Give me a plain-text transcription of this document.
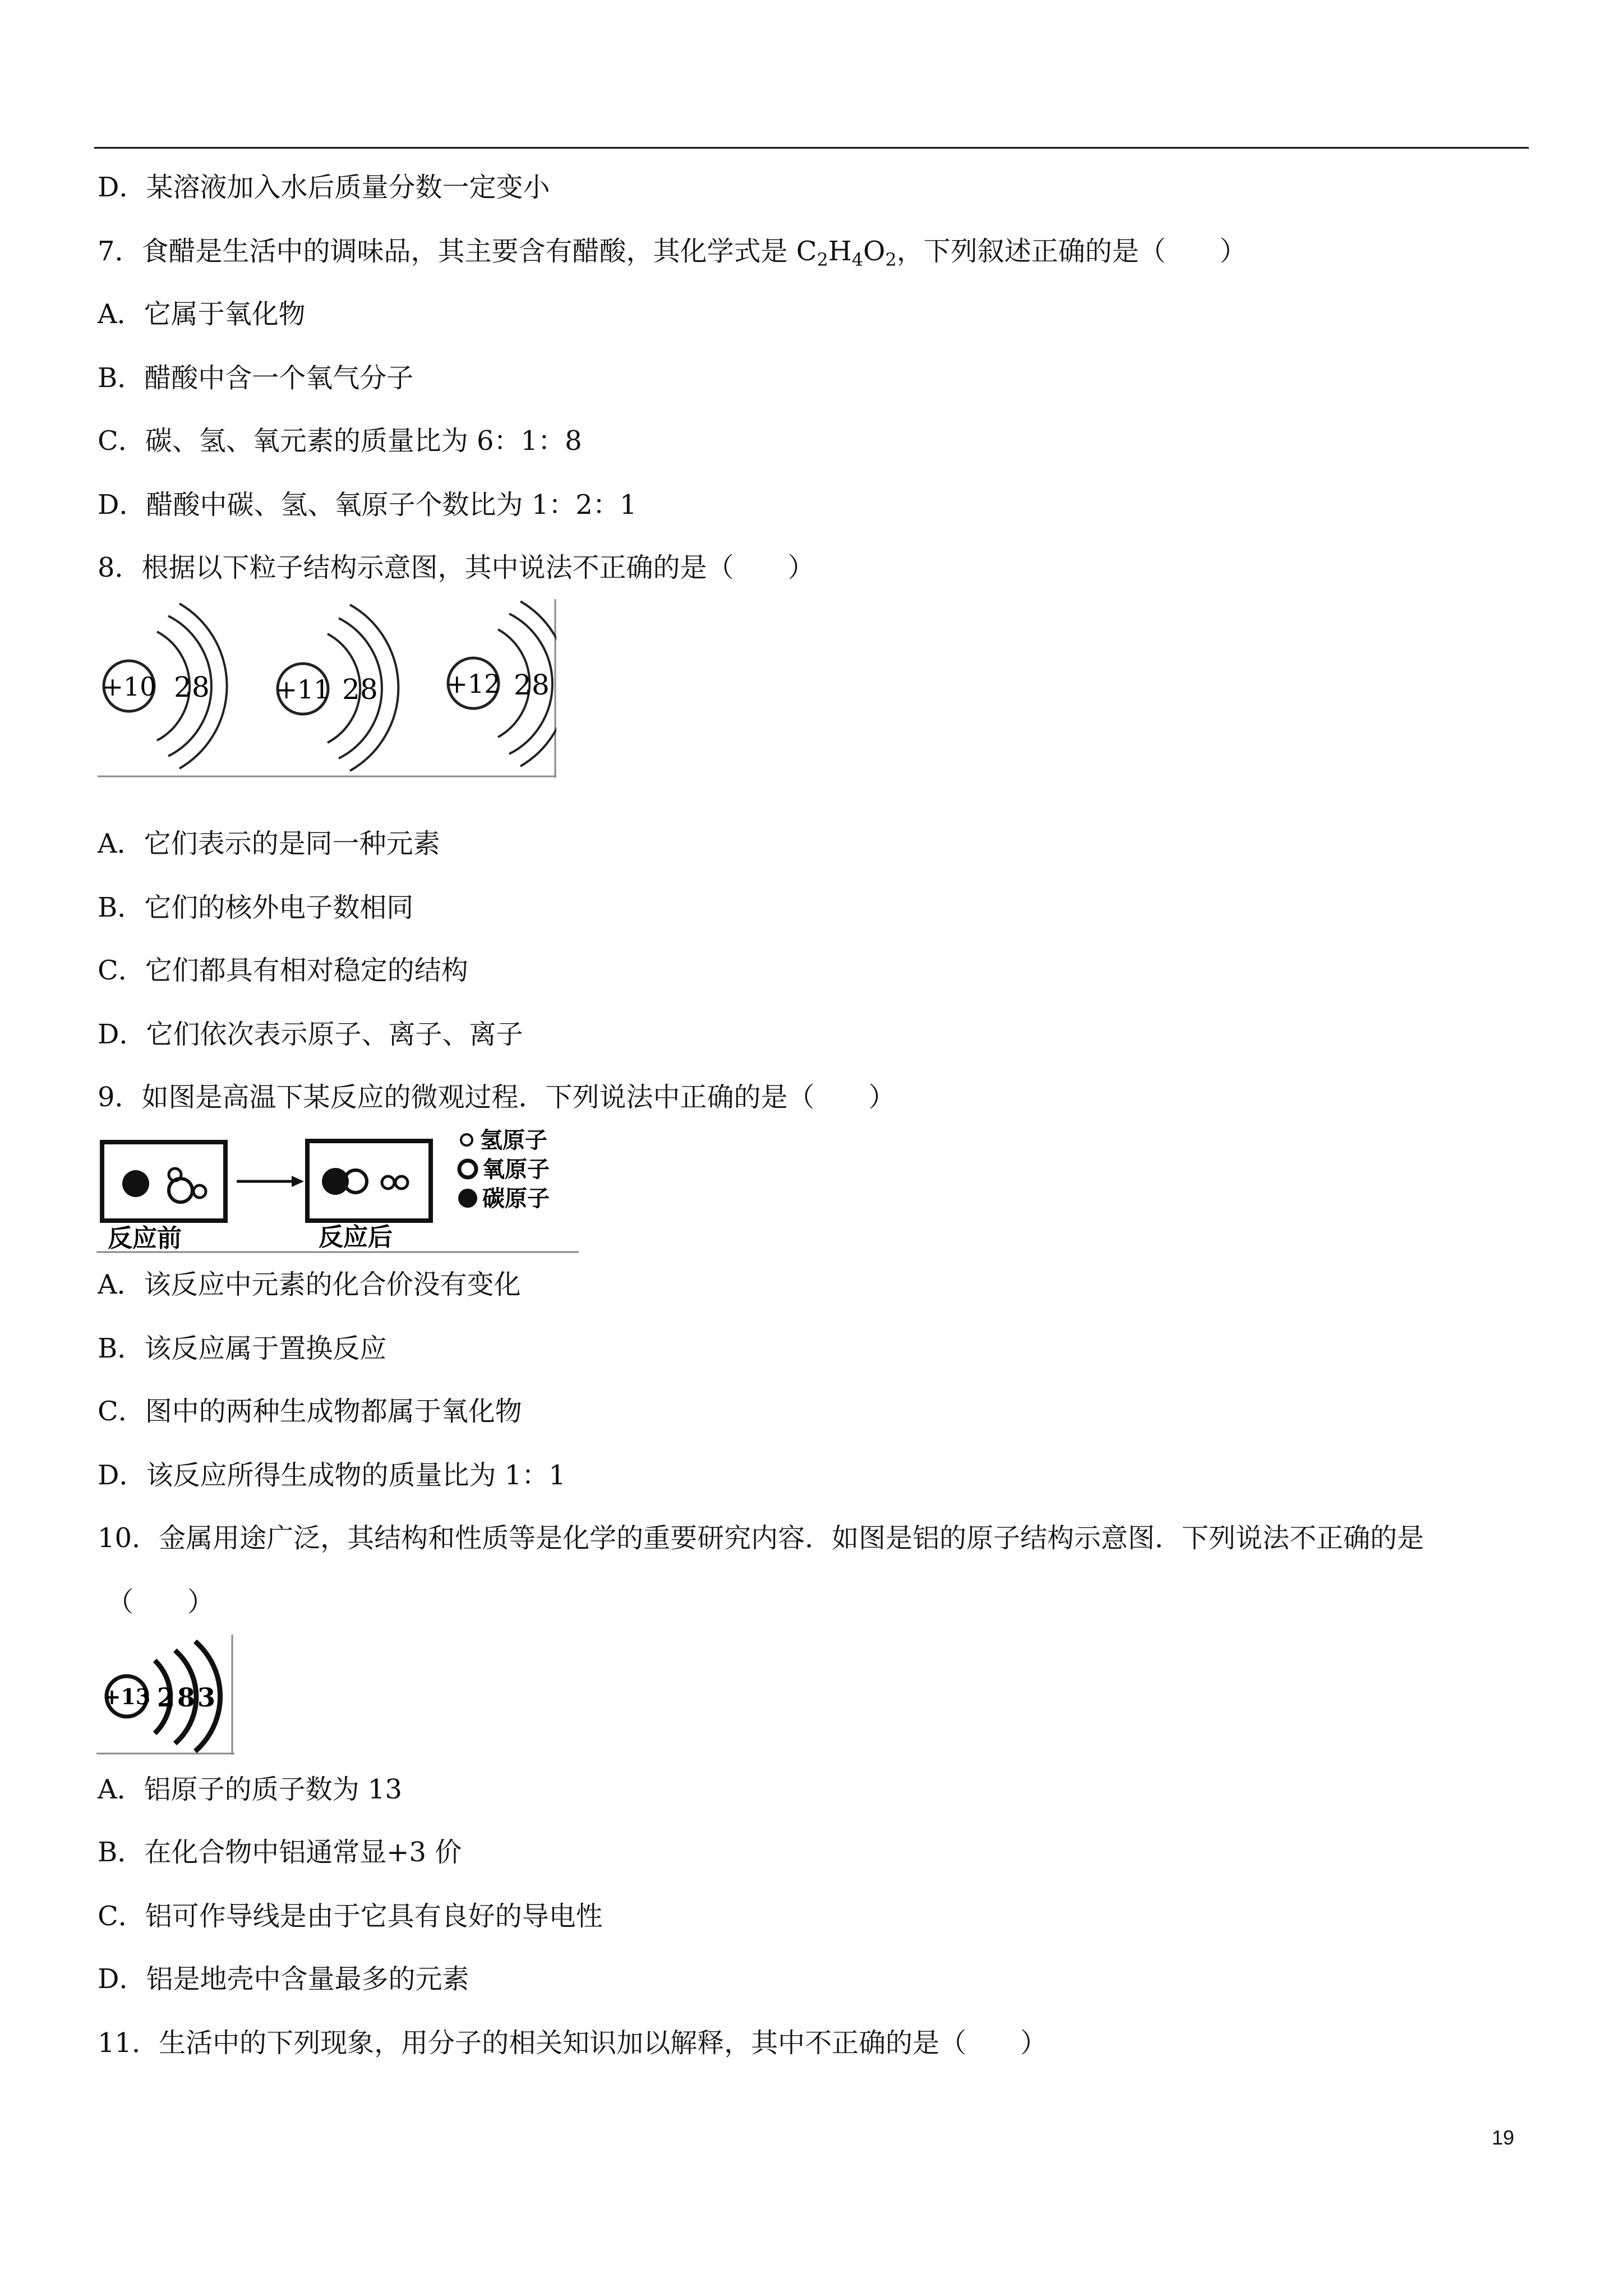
D．某溶液加入水后质量分数一定变小
7．食醋是生活中的调味品，其主要含有醋酸，其化学式是 $C_2H_4O_2$，下列叙述正确的是（　　）
A．它属于氧化物
B．醋酸中含一个氧气分子
C．碳、氢、氧元素的质量比为 6：1：8
D．醋酸中碳、氢、氧原子个数比为 1：2：1
8．根据以下粒子结构示意图，其中说法不正确的是（　　）
+10 2 8	+11 2 8	+12 2 8
A．它们表示的是同一种元素
B．它们的核外电子数相同
C．它们都具有相对稳定的结构
D．它们依次表示原子、离子、离子
9．如图是高温下某反应的微观过程．下列说法中正确的是（　　）
反应前	反应后
氢原子
氧原子
碳原子
A．该反应中元素的化合价没有变化
B．该反应属于置换反应
C．图中的两种生成物都属于氧化物
D．该反应所得生成物的质量比为 1：1
10．金属用途广泛，其结构和性质等是化学的重要研究内容．如图是铝的原子结构示意图．下列说法不正确的是
（　　）
+13 2 8 3
A．铝原子的质子数为 13
B．在化合物中铝通常显+3 价
C．铝可作导线是由于它具有良好的导电性
D．铝是地壳中含量最多的元素
11．生活中的下列现象，用分子的相关知识加以解释，其中不正确的是（　　）
19
